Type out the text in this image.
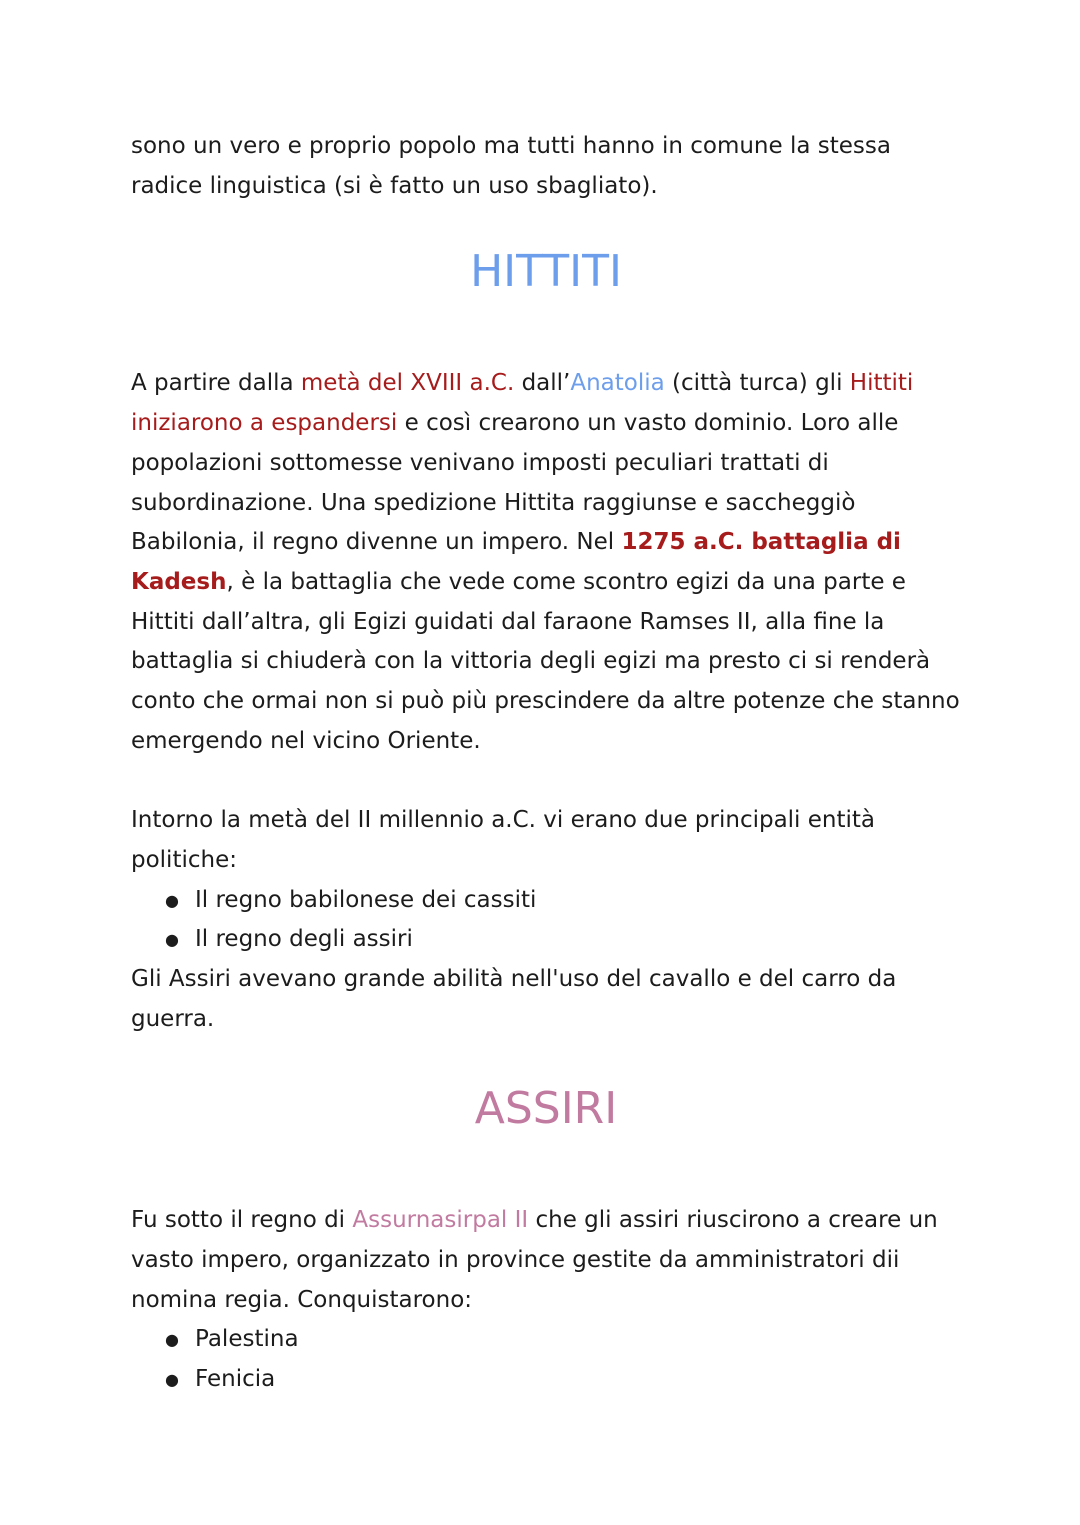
sono un vero e proprio popolo ma tutti hanno in comune la stessa radice linguistica (si è fatto un uso sbagliato).

HITTITI

A partire dalla metà del XVIII a.C. dall’Anatolia (città turca) gli Hittiti iniziarono a espandersi e così crearono un vasto dominio. Loro alle popolazioni sottomesse venivano imposti peculiari trattati di subordinazione. Una spedizione Hittita raggiunse e saccheggiò Babilonia, il regno divenne un impero. Nel 1275 a.C. battaglia di Kadesh, è la battaglia che vede come scontro egizi da una parte e Hittiti dall’altra, gli Egizi guidati dal faraone Ramses II, alla fine la battaglia si chiuderà con la vittoria degli egizi ma presto ci si renderà conto che ormai non si può più prescindere da altre potenze che stanno emergendo nel vicino Oriente.

Intorno la metà del II millennio a.C. vi erano due principali entità politiche:

● Il regno babilonese dei cassiti
● Il regno degli assiri

Gli Assiri avevano grande abilità nell'uso del cavallo e del carro da guerra.

ASSIRI

Fu sotto il regno di Assurnasirpal II che gli assiri riuscirono a creare un vasto impero, organizzato in province gestite da amministratori dii nomina regia. Conquistarono:

● Palestina
● Fenicia
